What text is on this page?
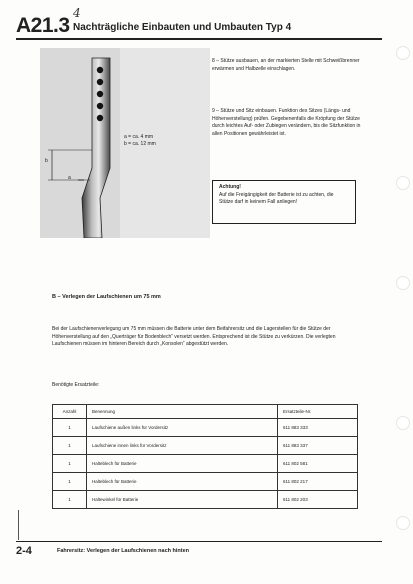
A21.3
4
Nachträgliche Einbauten und Umbauten Typ 4
b
a
a = ca. 4 mm
b = ca. 12 mm
8 – Stütze ausbauen, an der markierten Stelle mit Schweißbrenner erwärmen und Halbzelle einschlagen.
9 – Stütze und Sitz einbauen. Funktion des Sitzes (Längs- und Höhenverstellung) prüfen. Gegebenenfalls die Kröpfung der Stütze durch leichtes Auf- oder Zubiegen verändern, bis die Sitzfunktion in allen Positionen gewährleistet ist.
Achtung!
Auf die Freigängigkeit der Batterie ist zu achten, die Stütze darf in keinem Fall anliegen!
B – Verlegen der Laufschienen um 75 mm
Bei der Laufschienenverlegung um 75 mm müssen die Batterie unter dem Beifahrersitz und die Lagerstellen für die Stütze der Höhenverstellung auf den „Querträger für Bodenblech“ versetzt werden. Entsprechend ist die Stütze zu verkürzen. Die verlegten Laufschienen müssen im hinteren Bereich durch „Konsolen“ abgestützt werden.
Benötigte Ersatzteile:
Anzahl	Benennung	Ersatzteile-Nr.
1	Laufschiene außen links für Vordersitz	611 883 333
1	Laufschiene innen links für Vordersitz	611 883 337
1	Halteblech für Batterie	611 802 581
1	Halteblech für Batterie	611 802 217
1	Haltewinkel für Batterie	611 802 203
2-4	Fahrersitz: Verlegen der Laufschienen nach hinten
